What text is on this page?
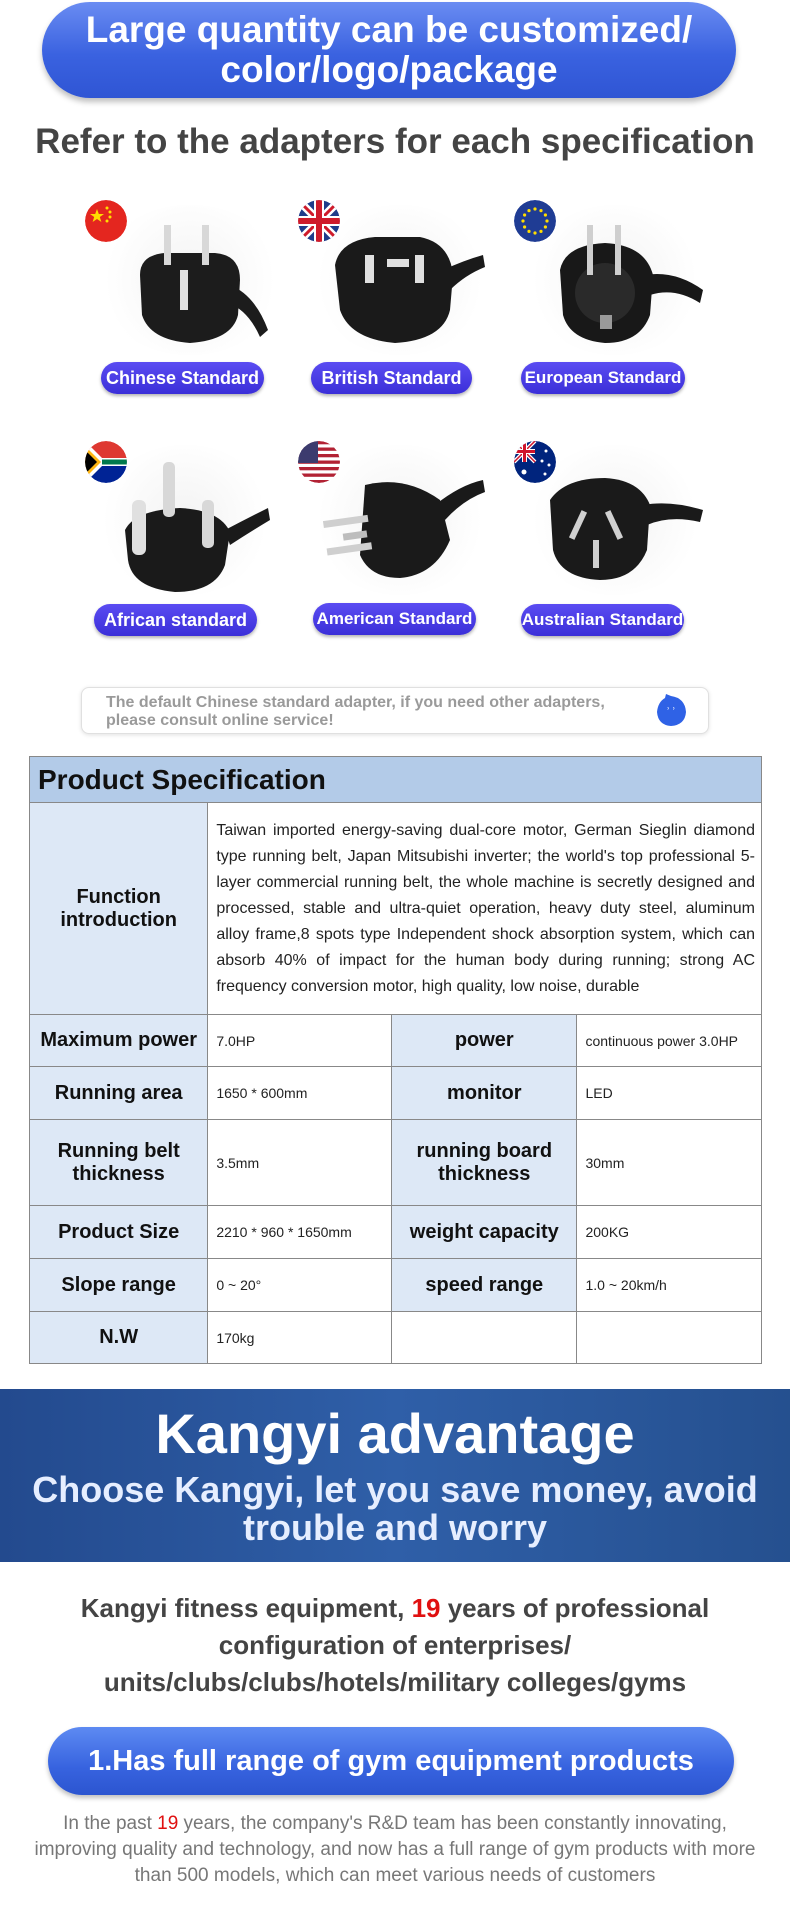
Large quantity can be customized/
color/logo/package
Refer to the adapters for each specification
Chinese Standard	British Standard	European Standard
African standard	American Standard	Australian Standard
The default Chinese standard adapter, if you need other adapters,
please consult online service!	ʾ ʾ
Product Specification			

Function
introduction	Taiwan imported energy-saving dual-core motor, German Sieglin diamond type running belt, Japan Mitsubishi inverter; the world's top professional 5-layer commercial running belt, the whole machine is secretly designed and processed, stable and ultra-quiet operation, heavy duty steel, aluminum alloy frame,8 spots type Independent shock absorption system, which can absorb 40% of impact for the human body during running; strong AC frequency conversion motor, high quality, low noise, durable		
Maximum power	7.0HP	power	continuous power 3.0HP
Running area	1650 * 600mm	monitor	LED
Running belt thickness	3.5mm	running board thickness	30mm
Product Size	2210 * 960 * 1650mm	weight capacity	200KG
Slope range	0 ~ 20°	speed range	1.0 ~ 20km/h
N.W	170kg		
Kangyi advantage
Choose Kangyi, let you save money, avoid trouble and worry
Kangyi fitness equipment, 19 years of professional configuration of enterprises/ units/clubs/clubs/hotels/military colleges/gyms
1.Has full range of gym equipment products
In the past 19 years, the company's R&D team has been constantly innovating, improving quality and technology, and now has a full range of gym products with more than 500 models, which can meet various needs of customers
